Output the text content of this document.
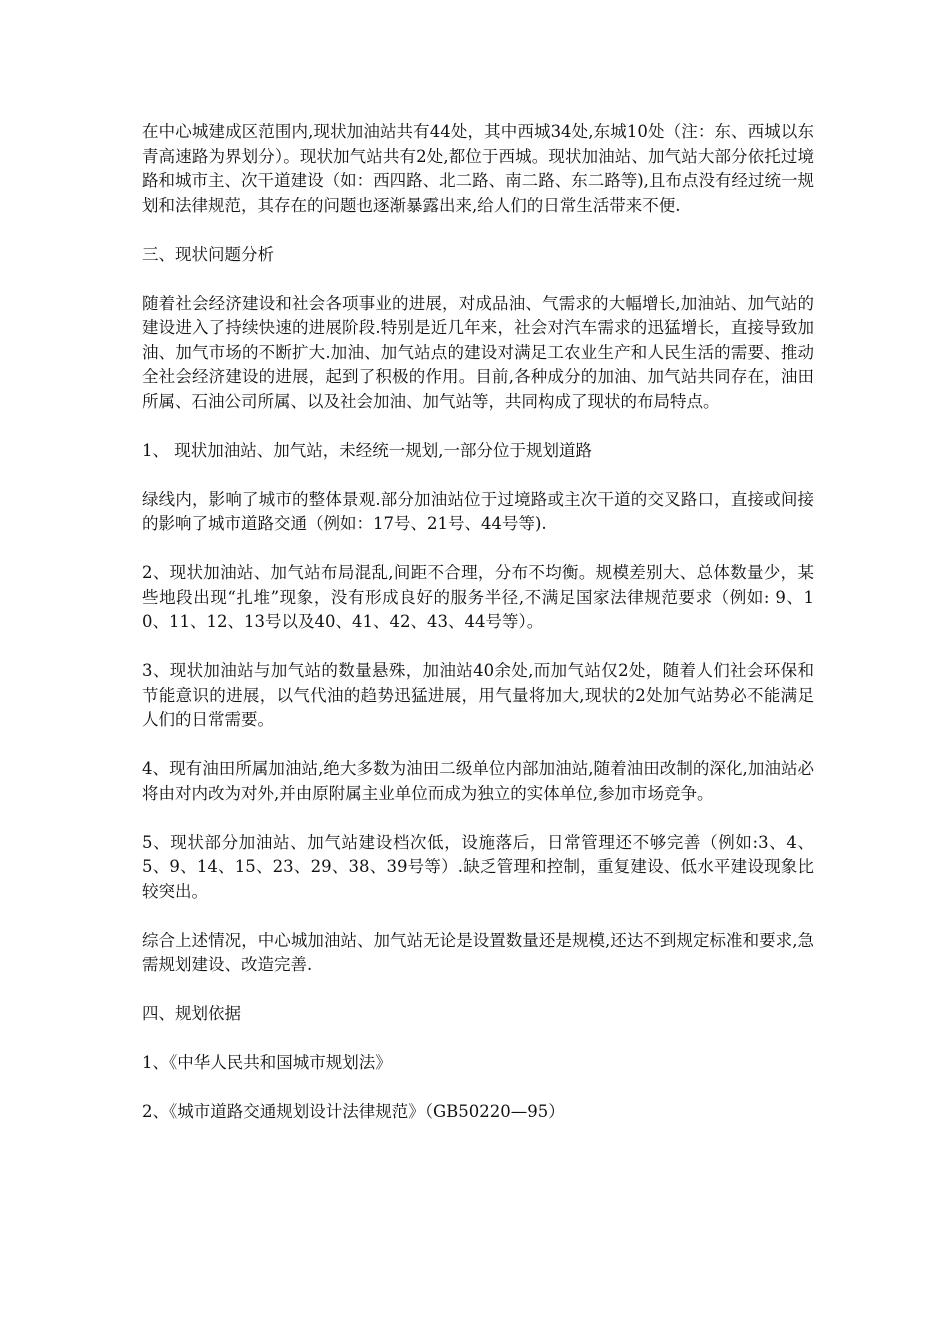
在中心城建成区范围内,现状加油站共有44处，其中西城34处,东城10处（注：东、西城以东青高速路为界划分）。现状加气站共有2处,都位于西城。现状加油站、加气站大部分依托过境路和城市主、次干道建设（如：西四路、北二路、南二路、东二路等),且布点没有经过统一规划和法律规范，其存在的问题也逐渐暴露出来,给人们的日常生活带来不便.

三、现状问题分析

随着社会经济建设和社会各项事业的进展，对成品油、气需求的大幅增长,加油站、加气站的建设进入了持续快速的进展阶段.特别是近几年来，社会对汽车需求的迅猛增长，直接导致加油、加气市场的不断扩大.加油、加气站点的建设对满足工农业生产和人民生活的需要、推动全社会经济建设的进展，起到了积极的作用。目前,各种成分的加油、加气站共同存在，油田所属、石油公司所属、以及社会加油、加气站等，共同构成了现状的布局特点。

1、 现状加油站、加气站，未经统一规划,一部分位于规划道路

绿线内，影响了城市的整体景观.部分加油站位于过境路或主次干道的交叉路口，直接或间接的影响了城市道路交通（例如：17号、21号、44号等).

2、现状加油站、加气站布局混乱,间距不合理，分布不均衡。规模差别大、总体数量少，某些地段出现“扎堆”现象，没有形成良好的服务半径,不满足国家法律规范要求（例如: 9、10、11、12、13号以及40、41、42、43、44号等）。

3、现状加油站与加气站的数量悬殊，加油站40余处,而加气站仅2处，随着人们社会环保和节能意识的进展，以气代油的趋势迅猛进展，用气量将加大,现状的2处加气站势必不能满足人们的日常需要。

4、现有油田所属加油站,绝大多数为油田二级单位内部加油站,随着油田改制的深化,加油站必将由对内改为对外,并由原附属主业单位而成为独立的实体单位,参加市场竞争。

5、现状部分加油站、加气站建设档次低，设施落后，日常管理还不够完善（例如:3、4、5、9、14、15、23、29、38、39号等）.缺乏管理和控制，重复建设、低水平建设现象比较突出。

综合上述情况，中心城加油站、加气站无论是设置数量还是规模,还达不到规定标准和要求,急需规划建设、改造完善.

四、规划依据

1、《中华人民共和国城市规划法》

2、《城市道路交通规划设计法律规范》（GB50220—95）
